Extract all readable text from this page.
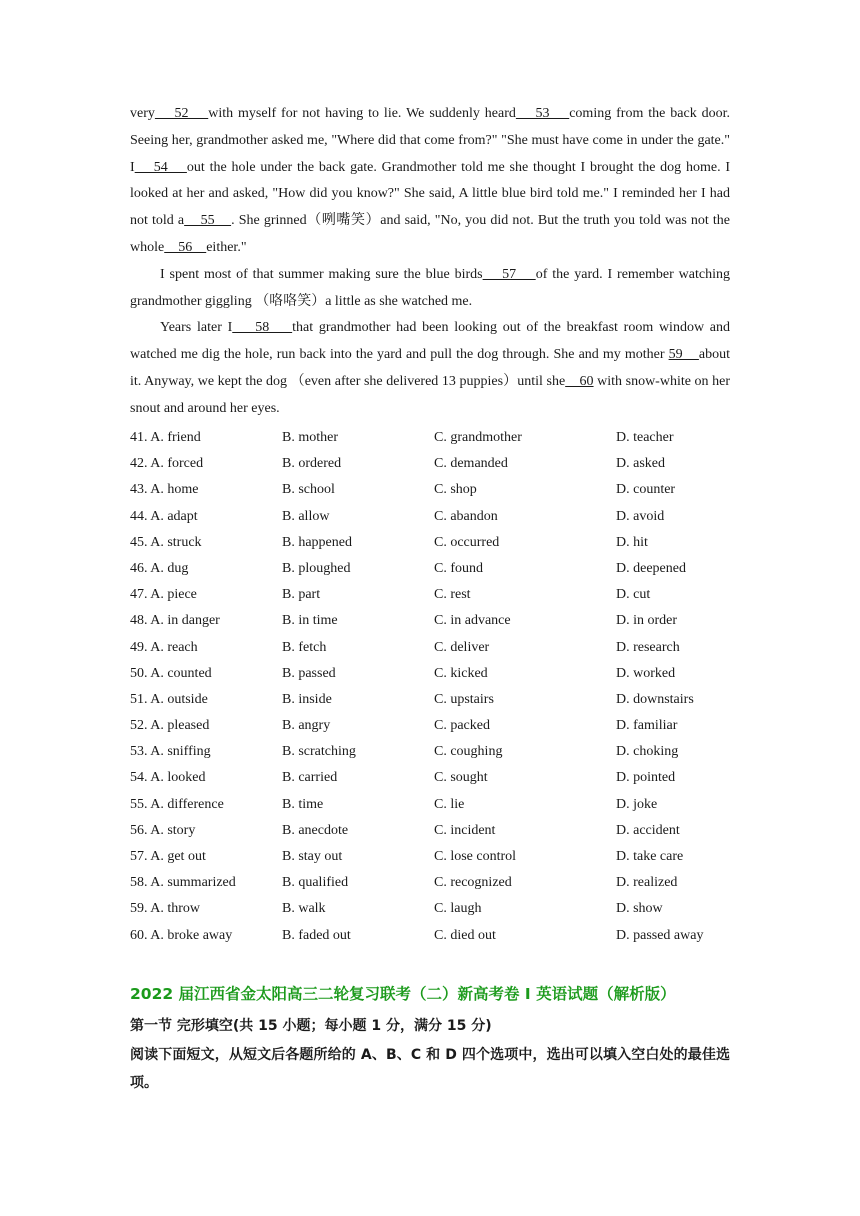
very    52    with myself for not having to lie. We suddenly heard    53    coming from the back door. Seeing her, grandmother asked me, "Where did that come from?" "She must have come in under the gate." I    54    out the hole under the back gate. Grandmother told me she thought I brought the dog home. I looked at her and asked, "How did you know?" She said, A little blue bird told me." I reminded her I had not told a    55    . She grinned（咧嘴笑）and said, "No, you did not. But the truth you told was not the whole    56    either."

I spent most of that summer making sure the blue birds    57    of the yard. I remember watching grandmother giggling （咯咯笑）a little as she watched me.

Years later I    58    that grandmother had been looking out of the breakfast room window and watched me dig the hole, run back into the yard and pull the dog through. She and my mother 59    about it. Anyway, we kept the dog （even after she delivered 13 puppies）until she    60 with snow-white on her snout and around her eyes.

41. A. friend	B. mother	C. grandmother	D. teacher
42. A. forced	B. ordered	C. demanded	D. asked
43. A. home	B. school	C. shop	D. counter
44. A. adapt	B. allow	C. abandon	D. avoid
45. A. struck	B. happened	C. occurred	D. hit
46. A. dug	B. ploughed	C. found	D. deepened
47. A. piece	B. part	C. rest	D. cut
48. A. in danger	B. in time	C. in advance	D. in order
49. A. reach	B. fetch	C. deliver	D. research
50. A. counted	B. passed	C. kicked	D. worked
51. A. outside	B. inside	C. upstairs	D. downstairs
52. A. pleased	B. angry	C. packed	D. familiar
53. A. sniffing	B. scratching	C. coughing	D. choking
54. A. looked	B. carried	C. sought	D. pointed
55. A. difference	B. time	C. lie	D. joke
56. A. story	B. anecdote	C. incident	D. accident
57. A. get out	B. stay out	C. lose control	D. take care
58. A. summarized	B. qualified	C. recognized	D. realized
59. A. throw	B. walk	C. laugh	D. show
60. A. broke away	B. faded out	C. died out	D. passed away
2022 届江西省金太阳高三二轮复习联考（二）新高考卷 I 英语试题（解析版）
第一节 完形填空(共 15 小题；每小题 1 分，满分 15 分)
阅读下面短文，从短文后各题所给的 A、B、C 和 D 四个选项中，选出可以填入空白处的最佳选项。
